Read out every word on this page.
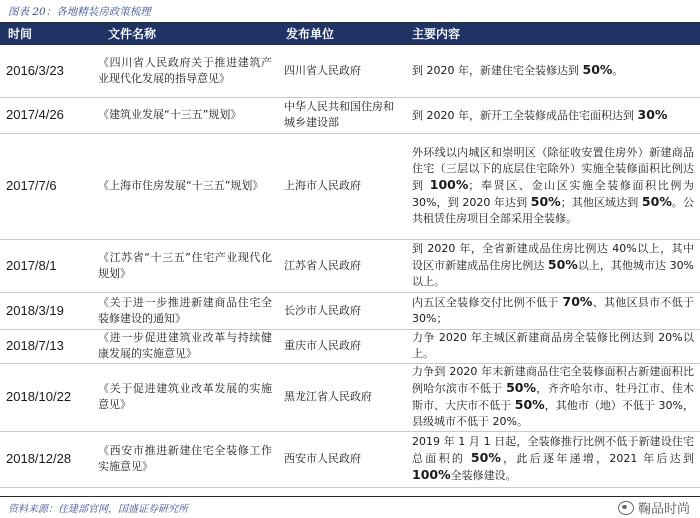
图表 20：各地精装房政策梳理
时间	文件名称	发布单位	主要内容
2016/3/23	《四川省人民政府关于推进建筑产业现代化发展的指导意见》	四川省人民政府	到 2020 年，新建住宅全装修达到 50%。
2017/4/26	《建筑业发展“十三五”规划》	中华人民共和国住房和城乡建设部	到 2020 年，新开工全装修成品住宅面积达到 30%
2017/7/6	《上海市住房发展“十三五”规划》	上海市人民政府	外环线以内城区和崇明区（除征收安置住房外）新建商品住宅（三层以下的底层住宅除外）实施全装修面积比例达到 100%；奉贤区、金山区实施全装修面积比例为 30%，到 2020 年达到 50%；其他区域达到 50%。公共租赁住房项目全部采用全装修。
2017/8/1	《江苏省“十三五”住宅产业现代化规划》	江苏省人民政府	到 2020 年，全省新建成品住房比例达 40%以上，其中设区市新建成品住房比例达 50%以上，其他城市达 30%以上。
2018/3/19	《关于进一步推进新建商品住宅全装修建设的通知》	长沙市人民政府	内五区全装修交付比例不低于 70%、其他区县市不低于 30%；
2018/7/13	《进一步促进建筑业改革与持续健康发展的实施意见》	重庆市人民政府	力争 2020 年主城区新建商品房全装修比例达到 20%以上。
2018/10/22	《关于促进建筑业改革发展的实施意见》	黑龙江省人民政府	力争到 2020 年末新建商品住宅全装修面积占新建面积比例哈尔滨市不低于 50%，齐齐哈尔市、牡丹江市、佳木斯市、大庆市不低于 50%，其他市（地）不低于 30%，县级城市不低于 20%。
2018/12/28	《西安市推进新建住宅全装修工作实施意见》	西安市人民政府	2019 年 1 月 1 日起，全装修推行比例不低于新建设住宅总面积的 50%，此后逐年递增，2021 年后达到 100%全装修建设。
资料来源：住建部官网，国盛证券研究所	鞠品时尚
